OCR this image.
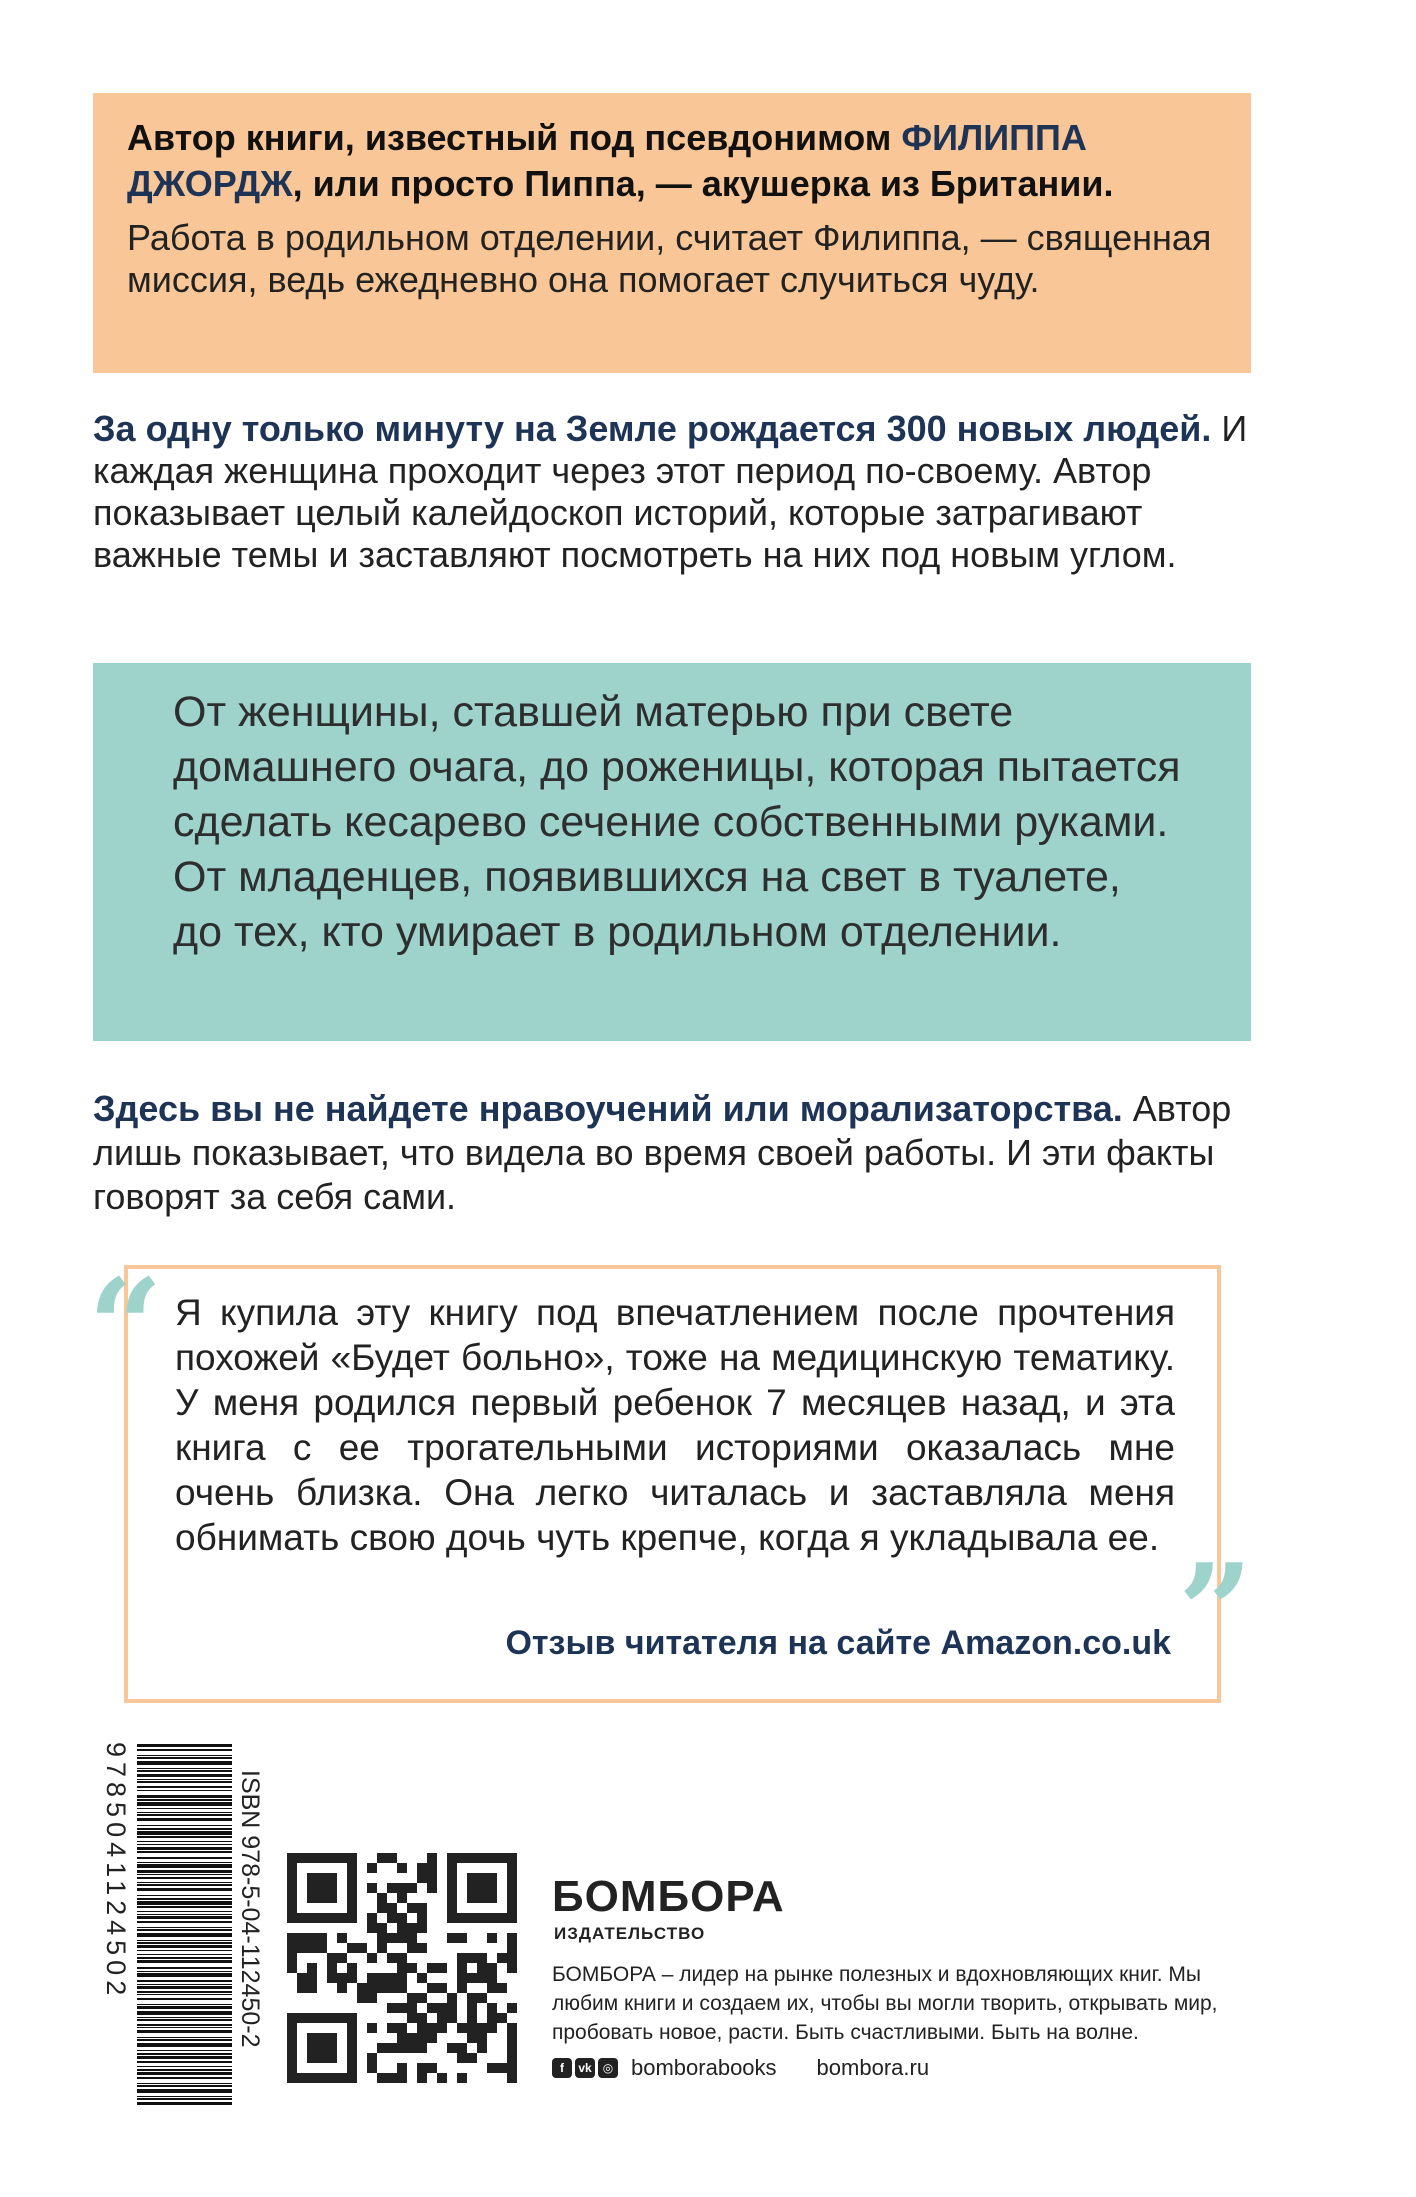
Автор книги, известный под псевдонимом ФИЛИППА ДЖОРДЖ, или просто Пиппа, — акушерка из Британии.
Работа в родильном отделении, считает Филиппа, — священная миссия, ведь ежедневно она помогает случиться чуду.
За одну только минуту на Земле рождается 300 новых людей. И каждая женщина проходит через этот период по-своему. Автор показывает целый калейдоскоп историй, которые затрагивают важные темы и заставляют посмотреть на них под новым углом.

От женщины, ставшей матерью при свете домашнего очага, до роженицы, которая пытается сделать кесарево сечение собственными руками. От младенцев, появившихся на свет в туалете, до тех, кто умирает в родильном отделении.

Здесь вы не найдете нравоучений или морализаторства. Автор лишь показывает, что видела во время своей работы. И эти факты говорят за себя сами.
“ Я купила эту книгу под впечатлением после прочтения похожей «Будет больно», тоже на медицинскую тематику. У меня родился первый ребенок 7 месяцев назад, и эта книга с ее трогательными историями оказалась мне очень близка. Она легко читалась и заставляла меня обнимать свою дочь чуть крепче, когда я укладывала ее. ”
Отзыв читателя на сайте Amazon.co.uk
9785041124502	ISBN 978-5-04-112450-2	БОМБОРА
ИЗДАТЕЛЬСТВО
БОМБОРА – лидер на рынке полезных и вдохновляющих книг. Мы любим книги и создаем их, чтобы вы могли творить, открывать мир, пробовать новое, расти. Быть счастливыми. Быть на волне.
f	vk ◎ bomborabooks bombora.ru
